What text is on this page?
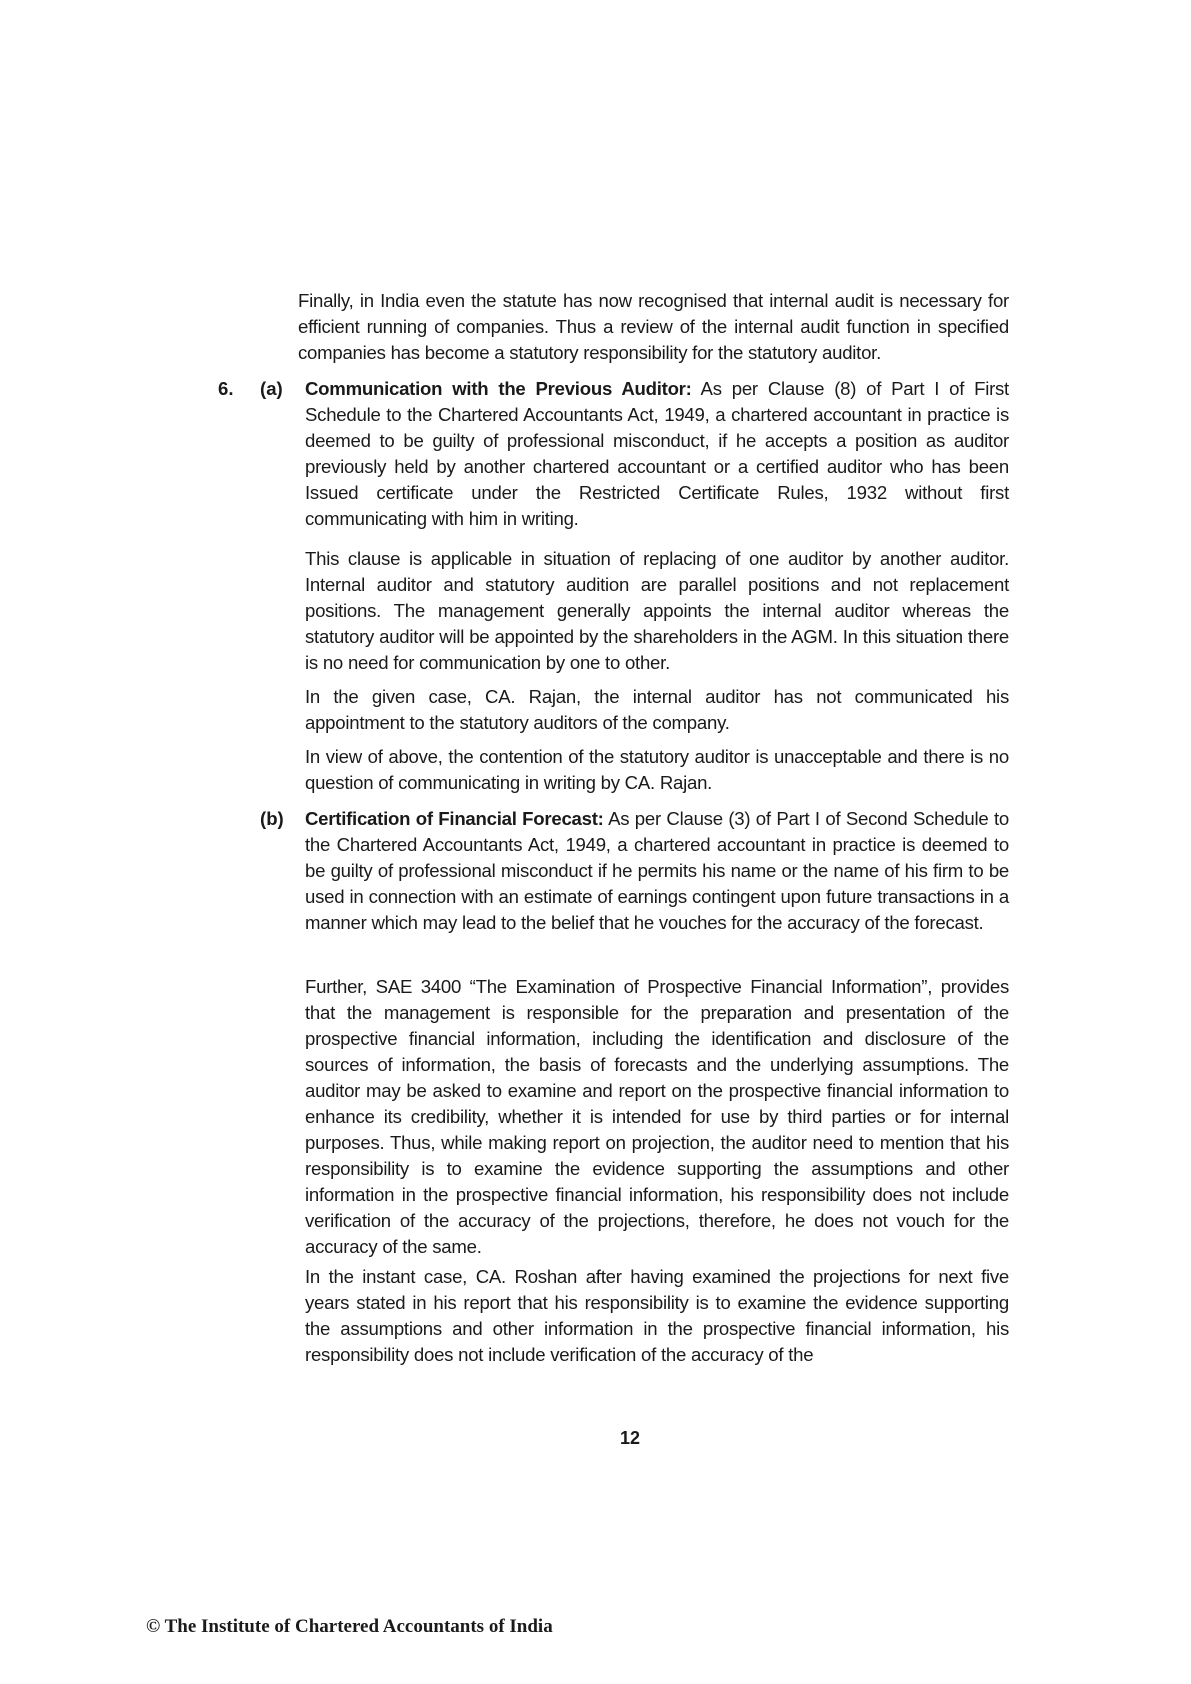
Finally, in India even the statute has now recognised that internal audit is necessary for efficient running of companies. Thus a review of the internal audit function in specified companies has become a statutory responsibility for the statutory auditor.

6. (a) Communication with the Previous Auditor: As per Clause (8) of Part I of First Schedule to the Chartered Accountants Act, 1949, a chartered accountant in practice is deemed to be guilty of professional misconduct, if he accepts a position as auditor previously held by another chartered accountant or a certified auditor who has been Issued certificate under the Restricted Certificate Rules, 1932 without first communicating with him in writing.

This clause is applicable in situation of replacing of one auditor by another auditor. Internal auditor and statutory audition are parallel positions and not replacement positions. The management generally appoints the internal auditor whereas the statutory auditor will be appointed by the shareholders in the AGM. In this situation there is no need for communication by one to other.

In the given case, CA. Rajan, the internal auditor has not communicated his appointment to the statutory auditors of the company.

In view of above, the contention of the statutory auditor is unacceptable and there is no question of communicating in writing by CA. Rajan.

(b) Certification of Financial Forecast: As per Clause (3) of Part I of Second Schedule to the Chartered Accountants Act, 1949, a chartered accountant in practice is deemed to be guilty of professional misconduct if he permits his name or the name of his firm to be used in connection with an estimate of earnings contingent upon future transactions in a manner which may lead to the belief that he vouches for the accuracy of the forecast.

Further, SAE 3400 “The Examination of Prospective Financial Information”, provides that the management is responsible for the preparation and presentation of the prospective financial information, including the identification and disclosure of the sources of information, the basis of forecasts and the underlying assumptions. The auditor may be asked to examine and report on the prospective financial information to enhance its credibility, whether it is intended for use by third parties or for internal purposes. Thus, while making report on projection, the auditor need to mention that his responsibility is to examine the evidence supporting the assumptions and other information in the prospective financial information, his responsibility does not include verification of the accuracy of the projections, therefore, he does not vouch for the accuracy of the same.

In the instant case, CA. Roshan after having examined the projections for next five years stated in his report that his responsibility is to examine the evidence supporting the assumptions and other information in the prospective financial information, his responsibility does not include verification of the accuracy of the

12
© The Institute of Chartered Accountants of India
